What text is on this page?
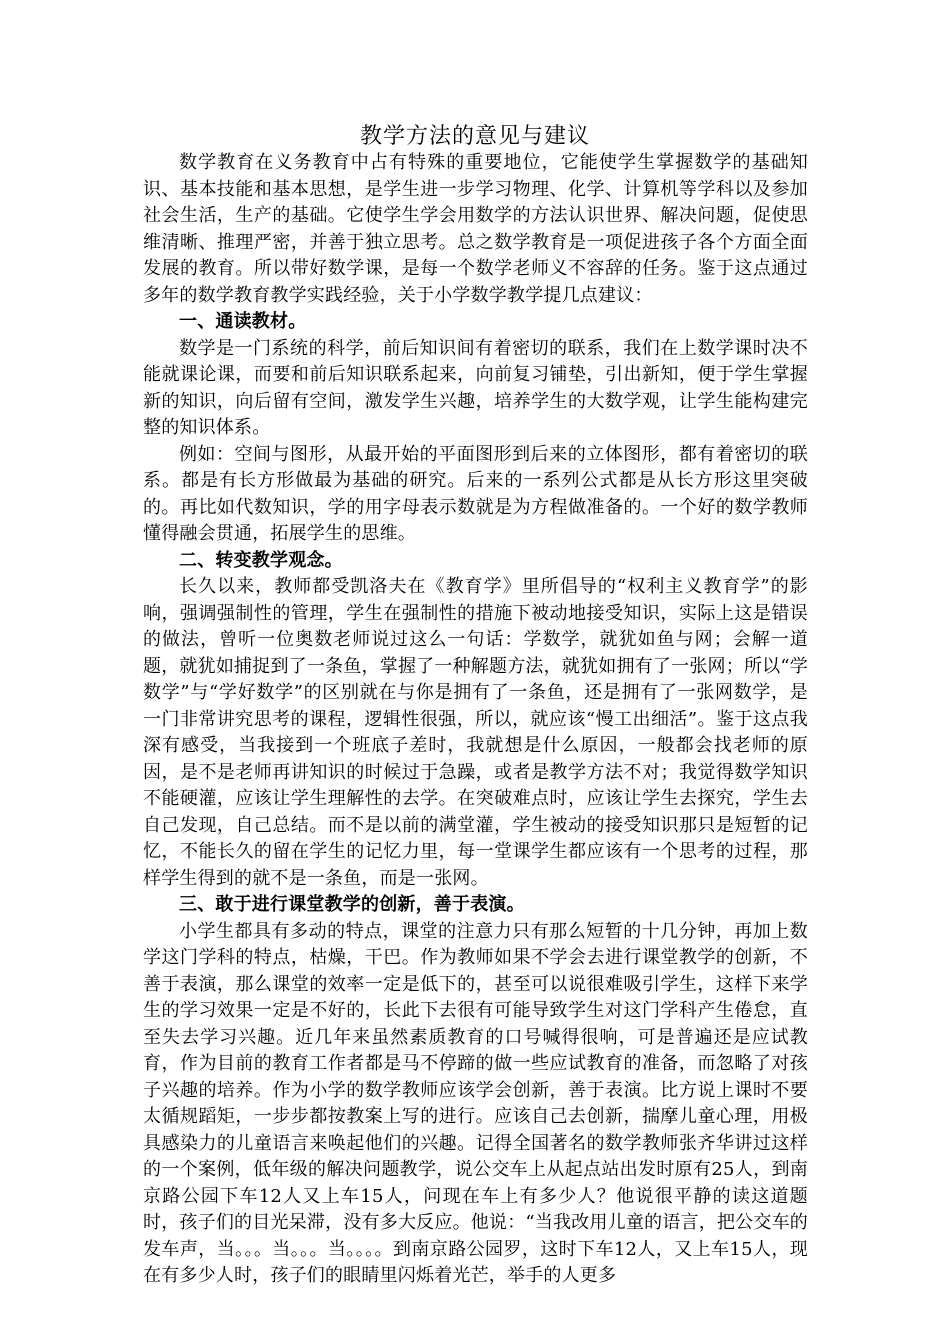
教学方法的意见与建议

数学教育在义务教育中占有特殊的重要地位，它能使学生掌握数学的基础知识、基本技能和基本思想，是学生进一步学习物理、化学、计算机等学科以及参加社会生活，生产的基础。它使学生学会用数学的方法认识世界、解决问题，促使思维清晰、推理严密，并善于独立思考。总之数学教育是一项促进孩子各个方面全面发展的教育。所以带好数学课，是每一个数学老师义不容辞的任务。鉴于这点通过多年的数学教育教学实践经验，关于小学数学教学提几点建议：

一、通读教材。

数学是一门系统的科学，前后知识间有着密切的联系，我们在上数学课时决不能就课论课，而要和前后知识联系起来，向前复习铺垫，引出新知，便于学生掌握新的知识，向后留有空间，激发学生兴趣，培养学生的大数学观，让学生能构建完整的知识体系。

例如：空间与图形，从最开始的平面图形到后来的立体图形，都有着密切的联系。都是有长方形做最为基础的研究。后来的一系列公式都是从长方形这里突破的。再比如代数知识，学的用字母表示数就是为方程做准备的。一个好的数学教师懂得融会贯通，拓展学生的思维。

二、转变教学观念。

长久以来，教师都受凯洛夫在《教育学》里所倡导的“权利主义教育学”的影响，强调强制性的管理，学生在强制性的措施下被动地接受知识，实际上这是错误的做法，曾听一位奥数老师说过这么一句话：学数学，就犹如鱼与网；会解一道题，就犹如捕捉到了一条鱼，掌握了一种解题方法，就犹如拥有了一张网；所以“学数学”与“学好数学”的区别就在与你是拥有了一条鱼，还是拥有了一张网数学，是一门非常讲究思考的课程，逻辑性很强，所以，就应该“慢工出细活”。鉴于这点我深有感受，当我接到一个班底子差时，我就想是什么原因，一般都会找老师的原因，是不是老师再讲知识的时候过于急躁，或者是教学方法不对；我觉得数学知识不能硬灌，应该让学生理解性的去学。在突破难点时，应该让学生去探究，学生去自己发现，自己总结。而不是以前的满堂灌，学生被动的接受知识那只是短暂的记忆，不能长久的留在学生的记忆力里，每一堂课学生都应该有一个思考的过程，那样学生得到的就不是一条鱼，而是一张网。

三、敢于进行课堂教学的创新，善于表演。

小学生都具有多动的特点，课堂的注意力只有那么短暂的十几分钟，再加上数学这门学科的特点，枯燥，干巴。作为教师如果不学会去进行课堂教学的创新，不善于表演，那么课堂的效率一定是低下的，甚至可以说很难吸引学生，这样下来学生的学习效果一定是不好的，长此下去很有可能导致学生对这门学科产生倦怠，直至失去学习兴趣。近几年来虽然素质教育的口号喊得很响，可是普遍还是应试教育，作为目前的教育工作者都是马不停蹄的做一些应试教育的准备，而忽略了对孩子兴趣的培养。作为小学的数学教师应该学会创新，善于表演。比方说上课时不要太循规蹈矩，一步步都按教案上写的进行。应该自己去创新，揣摩儿童心理，用极具感染力的儿童语言来唤起他们的兴趣。记得全国著名的数学教师张齐华讲过这样的一个案例，低年级的解决问题教学，说公交车上从起点站出发时原有25人，到南京路公园下车12人又上车15人，问现在车上有多少人？他说很平静的读这道题时，孩子们的目光呆滞，没有多大反应。他说：“当我改用儿童的语言，把公交车的发车声，当。。。当。。。当。。。。到南京路公园罗，这时下车12人，又上车15人，现在有多少人时，孩子们的眼睛里闪烁着光芒，举手的人更多
